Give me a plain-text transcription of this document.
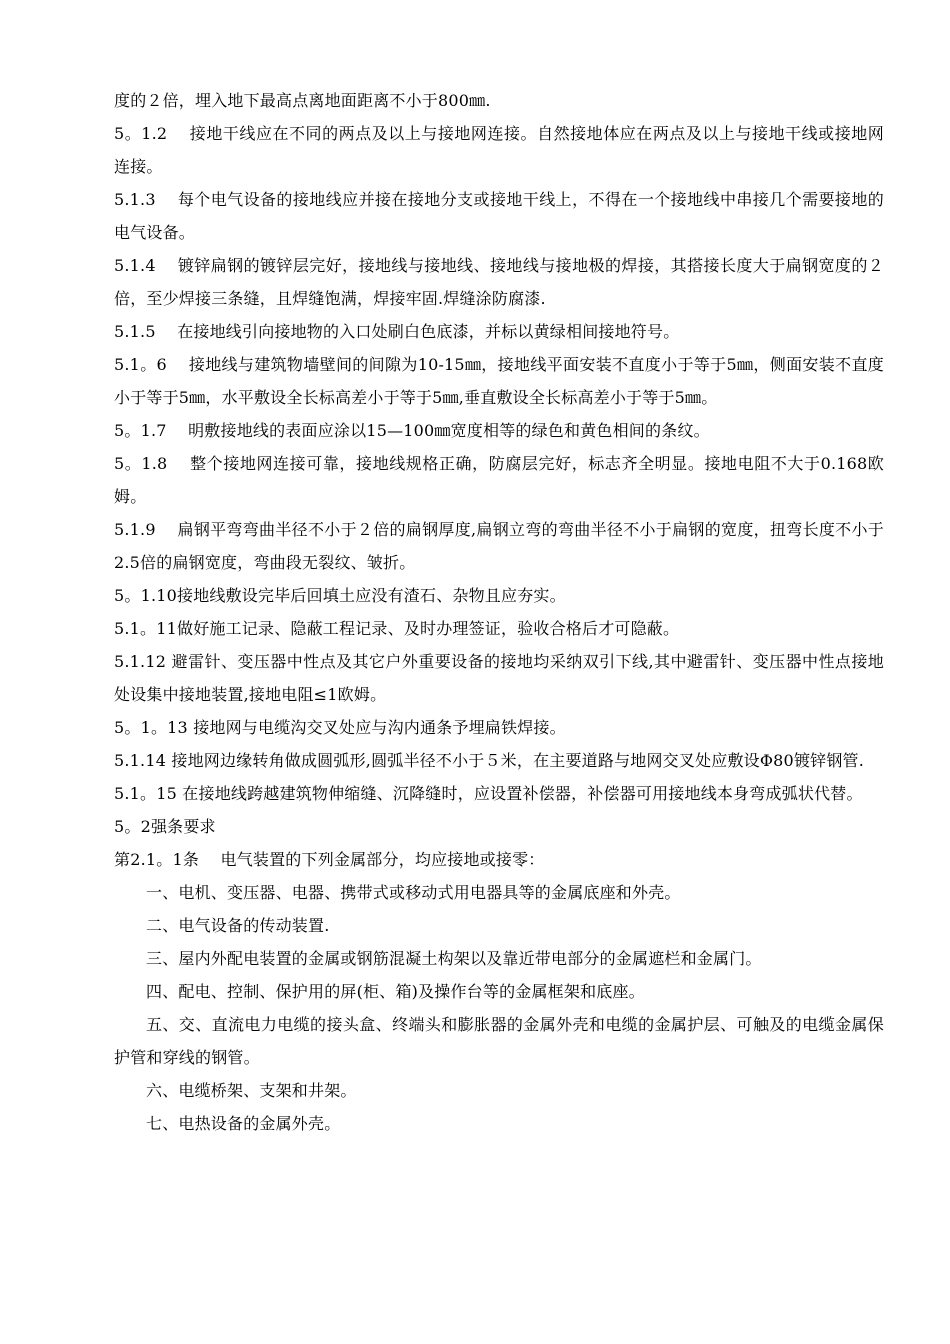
度的２倍，埋入地下最高点离地面距离不小于800㎜.

5。1.2　 接地干线应在不同的两点及以上与接地网连接。自然接地体应在两点及以上与接地干线或接地网连接。

5.1.3　 每个电气设备的接地线应并接在接地分支或接地干线上，不得在一个接地线中串接几个需要接地的电气设备。

5.1.4　 镀锌扁钢的镀锌层完好，接地线与接地线、接地线与接地极的焊接，其搭接长度大于扁钢宽度的２倍，至少焊接三条缝，且焊缝饱满，焊接牢固.焊缝涂防腐漆.

5.1.5　 在接地线引向接地物的入口处刷白色底漆，并标以黄绿相间接地符号。

5.1。6　 接地线与建筑物墙壁间的间隙为10-15㎜，接地线平面安装不直度小于等于5㎜，侧面安装不直度小于等于5㎜，水平敷设全长标高差小于等于5㎜,垂直敷设全长标高差小于等于5㎜。

5。1.7　 明敷接地线的表面应涂以15—100㎜宽度相等的绿色和黄色相间的条纹。

5。1.8　 整个接地网连接可靠，接地线规格正确，防腐层完好，标志齐全明显。接地电阻不大于0.168欧姆。

5.1.9　 扁钢平弯弯曲半径不小于２倍的扁钢厚度,扁钢立弯的弯曲半径不小于扁钢的宽度，扭弯长度不小于2.5倍的扁钢宽度，弯曲段无裂纹、皱折。

5。1.10接地线敷设完毕后回填土应没有渣石、杂物且应夯实。

5.1。11做好施工记录、隐蔽工程记录、及时办理签证，验收合格后才可隐蔽。

5.1.12 避雷针、变压器中性点及其它户外重要设备的接地均采纳双引下线,其中避雷针、变压器中性点接地处设集中接地装置,接地电阻≤1欧姆。

5。1。13 接地网与电缆沟交叉处应与沟内通条予埋扁铁焊接。

5.1.14 接地网边缘转角做成圆弧形,圆弧半径不小于５米，在主要道路与地网交叉处应敷设Φ80镀锌钢管.

5.1。15 在接地线跨越建筑物伸缩缝、沉降缝时，应设置补偿器，补偿器可用接地线本身弯成弧状代替。

5。2强条要求

第2.1。1条　 电气装置的下列金属部分，均应接地或接零：

一、电机、变压器、电器、携带式或移动式用电器具等的金属底座和外壳。

二、电气设备的传动装置.

三、屋内外配电装置的金属或钢筋混凝土构架以及靠近带电部分的金属遮栏和金属门。

四、配电、控制、保护用的屏(柜、箱)及操作台等的金属框架和底座。

五、交、直流电力电缆的接头盒、终端头和膨胀器的金属外壳和电缆的金属护层、可触及的电缆金属保护管和穿线的钢管。

六、电缆桥架、支架和井架。

七、电热设备的金属外壳。
